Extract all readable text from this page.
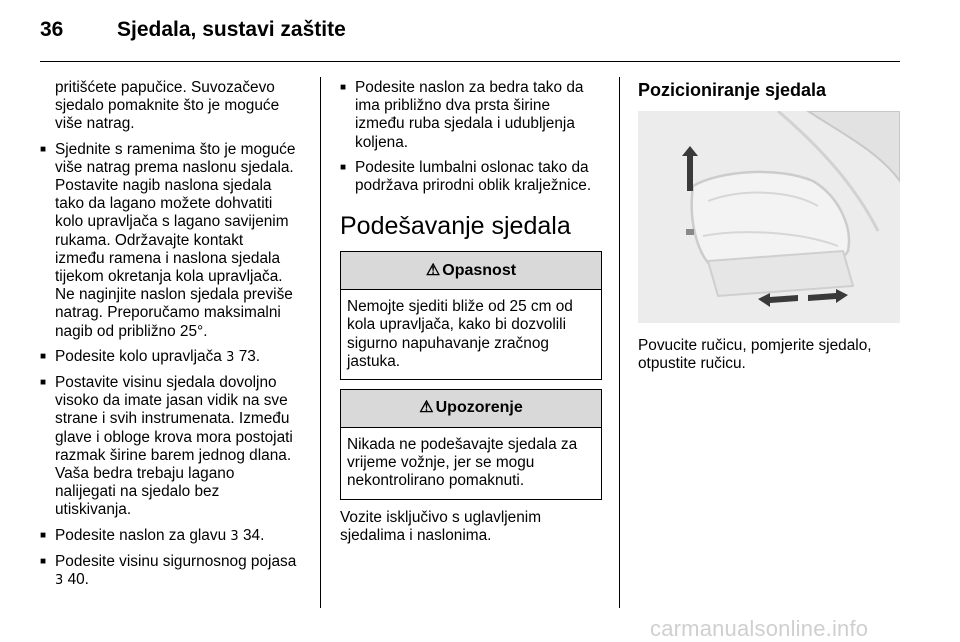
36	Sjedala, sustavi zaštite
pritišćete papučice. Suvozačevo
sjedalo pomaknite što je moguće
više natrag.
■ Sjednite s ramenima što je moguće
više natrag prema naslonu sjedala.
Postavite nagib naslona sjedala
tako da lagano možete dohvatiti
kolo upravljača s lagano savijenim
rukama. Održavajte kontakt
između ramena i naslona sjedala
tijekom okretanja kola upravljača.
Ne naginjite naslon sjedala previše
natrag. Preporučamo maksimalni
nagib od približno 25°.
■ Podesite kolo upravljača 3 73.
■ Postavite visinu sjedala dovoljno
visoko da imate jasan vidik na sve
strane i svih instrumenata. Između
glave i obloge krova mora postojati
razmak širine barem jednog dlana.
Vaša bedra trebaju lagano
nalijegati na sjedalo bez
utiskivanja.
■ Podesite naslon za glavu 3 34.
■ Podesite visinu sigurnosnog pojasa
3 40.
■ Podesite naslon za bedra tako da
ima približno dva prsta širine
između ruba sjedala i udubljenja
koljena.
■ Podesite lumbalni oslonac tako da
podržava prirodni oblik kralježnice.
Podešavanje sjedala
⚠ Opasnost
Nemojte sjediti bliže od 25 cm od
kola upravljača, kako bi dozvolili
sigurno napuhavanje zračnog
jastuka.
⚠ Upozorenje
Nikada ne podešavajte sjedala za
vrijeme vožnje, jer se mogu
nekontrolirano pomaknuti.
Vozite isključivo s uglavljenim
sjedalima i naslonima.
Pozicioniranje sjedala
Povucite ručicu, pomjerite sjedalo,
otpustite ručicu.
carmanualsonline.info
